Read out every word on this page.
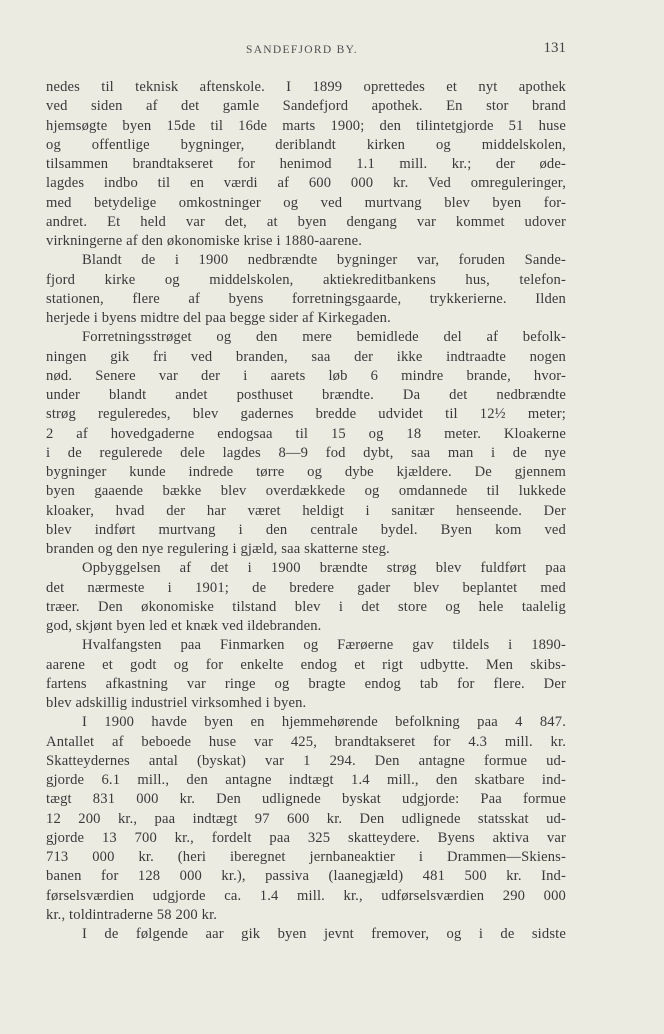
SANDEFJORD BY.	131
nedes til teknisk aftenskole. I 1899 oprettedes et nyt apothek
ved siden af det gamle Sandefjord apothek. En stor brand
hjemsøgte byen 15de til 16de marts 1900; den tilintetgjorde 51 huse
og offentlige bygninger, deriblandt kirken og middelskolen,
tilsammen brandtakseret for henimod 1.1 mill. kr.; der øde-
lagdes indbo til en værdi af 600 000 kr. Ved omreguleringer,
med betydelige omkostninger og ved murtvang blev byen for-
andret. Et held var det, at byen dengang var kommet udover
virkningerne af den økonomiske krise i 1880-aarene.
Blandt de i 1900 nedbrændte bygninger var, foruden Sande-
fjord kirke og middelskolen, aktiekreditbankens hus, telefon-
stationen, flere af byens forretningsgaarde, trykkerierne. Ilden
herjede i byens midtre del paa begge sider af Kirkegaden.
Forretningsstrøget og den mere bemidlede del af befolk-
ningen gik fri ved branden, saa der ikke indtraadte nogen
nød. Senere var der i aarets løb 6 mindre brande, hvor-
under blandt andet posthuset brændte. Da det nedbrændte
strøg reguleredes, blev gadernes bredde udvidet til 12½ meter;
2 af hovedgaderne endogsaa til 15 og 18 meter. Kloakerne
i de regulerede dele lagdes 8—9 fod dybt, saa man i de nye
bygninger kunde indrede tørre og dybe kjældere. De gjennem
byen gaaende bække blev overdækkede og omdannede til lukkede
kloaker, hvad der har været heldigt i sanitær henseende. Der
blev indført murtvang i den centrale bydel. Byen kom ved
branden og den nye regulering i gjæld, saa skatterne steg.
Opbyggelsen af det i 1900 brændte strøg blev fuldført paa
det nærmeste i 1901; de bredere gader blev beplantet med
træer. Den økonomiske tilstand blev i det store og hele taalelig
god, skjønt byen led et knæk ved ildebranden.
Hvalfangsten paa Finmarken og Færøerne gav tildels i 1890-
aarene et godt og for enkelte endog et rigt udbytte. Men skibs-
fartens afkastning var ringe og bragte endog tab for flere. Der
blev adskillig industriel virksomhed i byen.
I 1900 havde byen en hjemmehørende befolkning paa 4 847.
Antallet af beboede huse var 425, brandtakseret for 4.3 mill. kr.
Skatteydernes antal (byskat) var 1 294. Den antagne formue ud-
gjorde 6.1 mill., den antagne indtægt 1.4 mill., den skatbare ind-
tægt 831 000 kr. Den udlignede byskat udgjorde: Paa formue
12 200 kr., paa indtægt 97 600 kr. Den udlignede statsskat ud-
gjorde 13 700 kr., fordelt paa 325 skatteydere. Byens aktiva var
713 000 kr. (heri iberegnet jernbaneaktier i Drammen—Skiens-
banen for 128 000 kr.), passiva (laanegjæld) 481 500 kr. Ind-
førselsværdien udgjorde ca. 1.4 mill. kr., udførselsværdien 290 000
kr., toldintraderne 58 200 kr.
I de følgende aar gik byen jevnt fremover, og i de sidste
